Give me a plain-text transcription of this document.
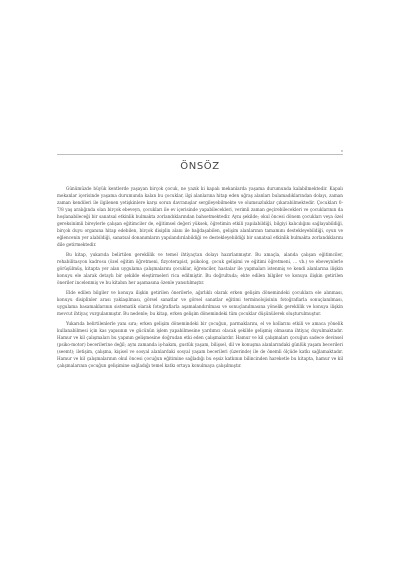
v
ÖNSÖZ

Günümüzde büyük kentlerde yaşayan birçok çocuk, ne yazık ki kapalı mekanlarda yaşama durumunda kalabilmektedir. Kapalı mekanlar içerisinde yaşama durumunda kalan bu çocuklar, ilgi alanlarına hitap eden uğraş alanları bulamadıklarından dolayı, zaman zaman kendileri ile ilgilenen yetişkinlere karşı sorun davranışlar sergileyebilmekte ve olumsuzluklar çıkarabilmektedir. Çocukları 0-7/8 yaş aralığında olan birçok ebeveyn, çocukları ile ev içerisinde yapabilecekleri, verimli zaman geçirebilecekleri ve çocuklarının da hoşlanabileceği bir sanatsal etkinlik bulmakta zorlandıklarından bahsetmektedir. Aynı şekilde; okul öncesi dönem çocukları veya özel gereksinimli bireylerle çalışan eğitimciler de, eğitimsel değeri yüksek, öğretimin etkili yapılabildiği, bilgiyi kalıcılığını sağlayabildiği, birçok duyu organına hitap edebilen, birçok disiplin alanı ile bağdaşabilen, gelişim alanlarının tamamını destekleyebildiği, oyun ve eğlencenin yer alabildiği, sanatsal donanımların yapılandırılabildiği ve destekleyebildiği bir sanatsal etkinlik bulmakta zorlandıklarını dile getirmektedir.

Bu kitap, yukarıda belirtilen gereklilik ve temel ihtiyaçtan dolayı hazırlanmıştır. Bu amaçla, alanda çalışan eğitimciler, rehabilitasyon kadrosu (özel eğitim öğretmeni, fizyoterapist, psikolog, çocuk gelişimi ve eğitimi öğretmeni, ... vb.) ve ebeveynlerle görüşülmüş, kitapta yer alan uygulama çalışmalarını çocuklar, öğrenciler, hastalar ile yapmaları istenmiş ve kendi alanlarına ilişkin konuyu ele alarak detaylı bir şekilde eleştirmeleri rica edilmiştir. Bu doğrultuda; ekte edilen bilgiler ve konuya ilişkin getirilen öneriler incelenmiş ve bu kitabın her aşamasına özenle yansıtılmıştır.

Elde edilen bilgiler ve konuya ilişkin getirilen önerilerle, ağırlıklı olarak erken gelişim dönemindeki çocuklara ele alınması, konuyu disiplinler arası yaklaşılması, görsel sanatlar ve görsel sanatlar eğitimi terminolojisinin fotoğraflarla sonuçlanılması, uygulama basamaklarının sistematik olarak fotoğraflarla aşamalandırılması ve sonuçlanılmasına yönelik gereklilik ve konuya ilişkin mevcut ihtiyaç vurgulanmıştır. Bu nedenle; bu kitap, erken gelişim dönemindeki tüm çocuklar düşünülerek oluşturulmuştur.

Yukarıda belirtilenlerle yanı sıra; erken gelişim dönemindeki bir çocuğun, parmaklarını, el ve kollarını etkili ve amaca yönelik kullanabilmesi için kas yapısının ve gücünün işlem yapabilmesine yardımcı olacak şekilde gelişmiş olmasına ihtiyaç duyulmaktadır. Hamur ve kil çalışmaları bu yapının gelişmesine doğrudan etki eden çalışmalardır. Hamur ve kil çalışmaları çocuğun sadece devinsel (psiko-motor) becerilerine değil; aynı zamanda iş-hakım, gustük yaşam, bilişsel, dil ve konuşma alanlarındaki günlük yaşam becerileri (seemt); iletişim, çalışma, kişisel ve sosyal alanlardaki sosyal yaşam becerileri (üzerinde) ile de önemli ölçüde katkı sağlamaktadır. Hamur ve kil çalışmalarının okul öncesi çocuğun eğitimine sağladığı bu eşsiz katkının bilincinden hareketle bu kitapta, hamur ve kil çalışmalarının çocuğun gelişimine sağladığı temel katkı ortaya konulmaya çalışılmıştır.
